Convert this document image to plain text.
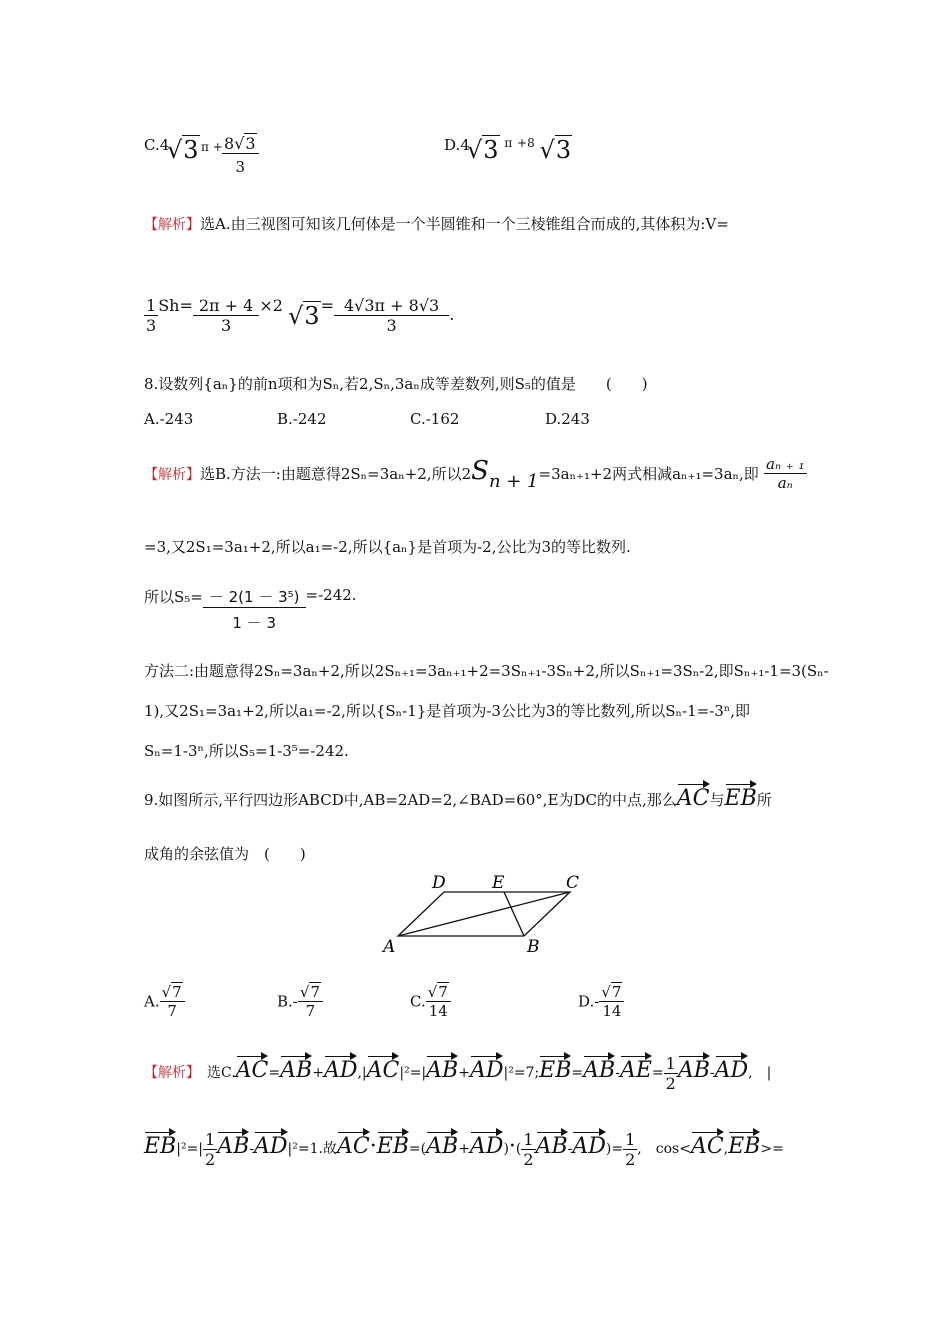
C.4
√3 $\pi + \frac{8√3}{3}$	D.4
√3 $^\pi$ $^{+8}$ √3
【解析】选A.由三视图可知该几何体是一个半圆锥和一个三棱锥组合而成的,其体积为:V=
$\frac{1}{3} Sh= \frac{2\pi + 4}{3} \times 2$ $√3= \frac{4√3\pi + 8√3}{3}$ .
8.设数列{aₙ}的前n项和为Sₙ,若2,Sₙ,3aₙ成等差数列,则S₅的值是　　 (　　)
A.-243	B.-242	C.-162	D.243
【解析】选B.方法一:由题意得2Sₙ=3aₙ+2,所以2Sn + 1=3aₙ₊₁+2两式相减aₙ₊₁=3aₙ,即 $\frac{\text{aₙ ₊ ₁}}{\text{aₙ}}$
=3,又2S₁=3a₁+2,所以a₁=-2,所以{aₙ}是首项为-2,公比为3的等比数列.
所以$S_5= \frac{\text{－ 2(1 － 3⁵)}}{1 - 3} =-242$.
方法二:由题意得2Sₙ=3aₙ+2,所以2Sₙ₊₁=3aₙ₊₁+2=3Sₙ₊₁-3Sₙ+2,所以Sₙ₊₁=3Sₙ-2,即Sₙ₊₁-1=3(Sₙ-
1),又2S₁=3a₁+2,所以a₁=-2,所以{Sₙ-1}是首项为-3公比为3的等比数列,所以Sₙ-1=-3ⁿ,即
Sₙ=1-3ⁿ,所以S₅=1-3⁵=-242.
9.如图所示,平行四边形ABCD中,AB=2AD=2,∠BAD=60°,E为DC的中点,那么AC与EB所
成角的余弦值为　 (　　)
D	E	C
A	B
A. $\frac{√7}{7}$	$B.- \frac{√7}{7}$	C. $\frac{√7}{14}$	$D.- \frac{√7}{14}$
【解析】　 选C.AC=AB+AD,|AC|²=|AB+AD|²=7;EB=AB-AE= $\frac{1}{2} AB-AD$,　|
$EB|^2=| \frac{1}{2} AB-AD|^2=1$.故$AC\cdot EB=(AB+AD)\cdot( \frac{1}{2} AB-AD)= \frac{1}{2}$ ,　 cos<AC,EB>=
